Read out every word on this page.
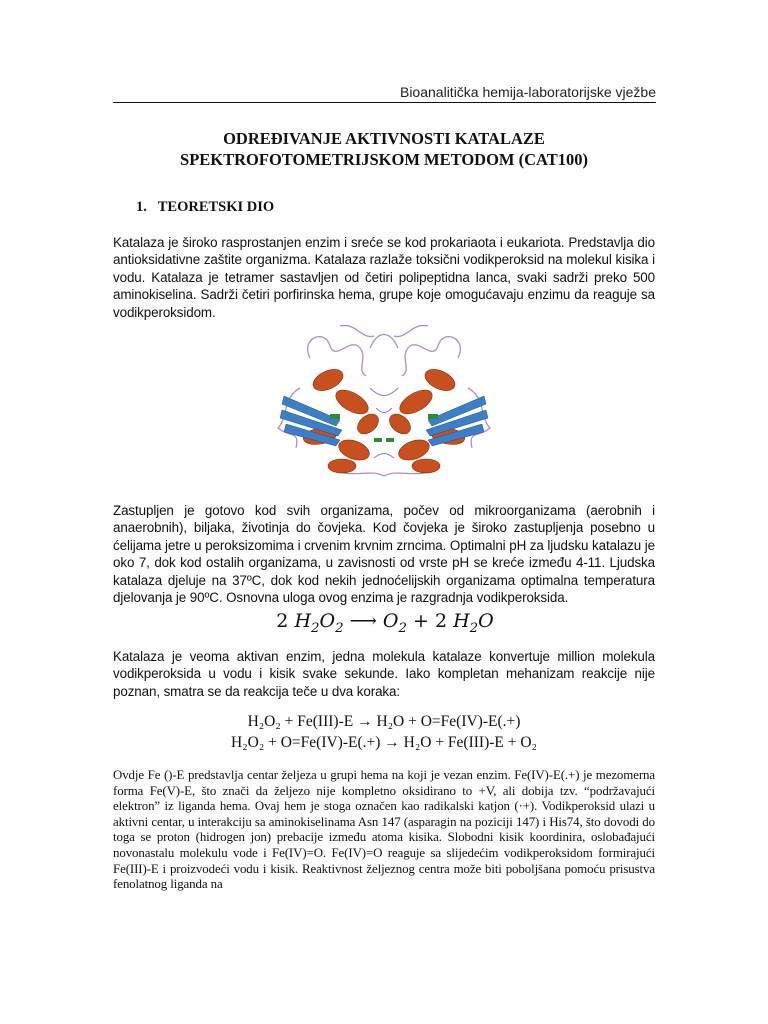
Bioanalitička hemija-laboratorijske vježbe
ODREĐIVANJE AKTIVNOSTI KATALAZE
SPEKTROFOTOMETRIJSKOM METODOM (CAT100)
1. TEORETSKI DIO
Katalaza je široko rasprostanjen enzim i sreće se kod prokariaota i eukariota. Predstavlja dio antioksidativne zaštite organizma. Katalaza razlaže toksični vodikperoksid na molekul kisika i vodu. Katalaza je tetramer sastavljen od četiri polipeptidna lanca, svaki sadrži preko 500 aminokiselina. Sadrži četiri porfirinska hema, grupe koje omogućavaju enzimu da reaguje sa vodikperoksidom.
Zastupljen je gotovo kod svih organizama, počev od mikroorganizama (aerobnih i anaerobnih), biljaka, životinja do čovjeka. Kod čovjeka je široko zastupljenja posebno u ćelijama jetre u peroksizomima i crvenim krvnim zrncima. Optimalni pH za ljudsku katalazu je oko 7, dok kod ostalih organizama, u zavisnosti od vrste pH se kreće između 4-11. Ljudska katalaza djeluje na 37ºC, dok kod nekih jednoćelijskih organizama optimalna temperatura djelovanja je 90ºC. Osnovna uloga ovog enzima je razgradnja vodikperoksida.
2 $H_2O_2$ ⟶ $O_2 + 2$ $H_2O$
Katalaza je veoma aktivan enzim, jedna molekula katalaze konvertuje million molekula vodikperoksida u vodu i kisik svake sekunde. Iako kompletan mehanizam reakcije nije poznan, smatra se da reakcija teče u dva koraka:
H₂O₂ + Fe(III)-E → H₂O + O=Fe(IV)-E(.+)
H₂O₂ + O=Fe(IV)-E(.+) → H₂O + Fe(III)-E + O₂
Ovdje Fe ()-E predstavlja centar željeza u grupi hema na koji je vezan enzim. Fe(IV)-E(.+) je mezomerna forma Fe(V)-E, što znači da željezo nije kompletno oksidirano to +V, ali dobija tzv. “podržavajući elektron” iz liganda hema. Ovaj hem je stoga označen kao radikalski katjon (·+). Vodikperoksid ulazi u aktivni centar, u interakciju sa aminokiselinama Asn 147 (asparagin na poziciji 147) i His74, što dovodi do toga se proton (hidrogen jon) prebacije između atoma kisika. Slobodni kisik koordinira, oslobađajući novonastalu molekulu vode i Fe(IV)=O. Fe(IV)=O reaguje sa slijedećim vodikperoksidom formirajući Fe(III)-E i proizvodeći vodu i kisik. Reaktivnost željeznog centra može biti poboljšana pomoću prisustva fenolatnog liganda na
